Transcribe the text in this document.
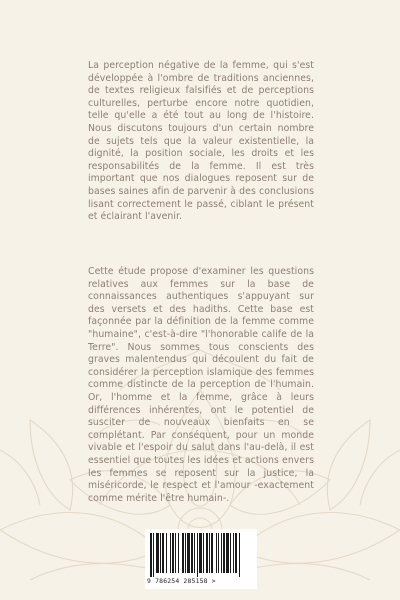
La perception négative de la femme, qui s'est développée à l'ombre de traditions anciennes, de textes religieux falsifiés et de perceptions culturelles, perturbe encore notre quotidien, telle qu'elle a été tout au long de l'histoire. Nous discutons toujours d'un certain nombre de sujets tels que la valeur existentielle, la dignité, la position sociale, les droits et les responsabilités de la femme. Il est très important que nos dialogues reposent sur de bases saines afin de parvenir à des conclusions lisant correctement le passé, ciblant le présent et éclairant l'avenir.
Cette étude propose d'examiner les questions relatives aux femmes sur la base de connaissances authentiques s'appuyant sur des versets et des hadiths. Cette base est façonnée par la définition de la femme comme "humaine", c'est-à-dire "l'honorable calife de la Terre". Nous sommes tous conscients des graves malentendus qui découlent du fait de considérer la perception islamique des femmes comme distincte de la perception de l'humain. Or, l'homme et la femme, grâce à leurs différences inhérentes, ont le potentiel de susciter de nouveaux bienfaits en se complétant. Par conséquent, pour un monde vivable et l'espoir du salut dans l'au-delà, il est essentiel que toutes les idées et actions envers les femmes se reposent sur la justice, la miséricorde, le respect et l'amour -exactement comme mérite l'être humain-.
9 786254 285158 >
